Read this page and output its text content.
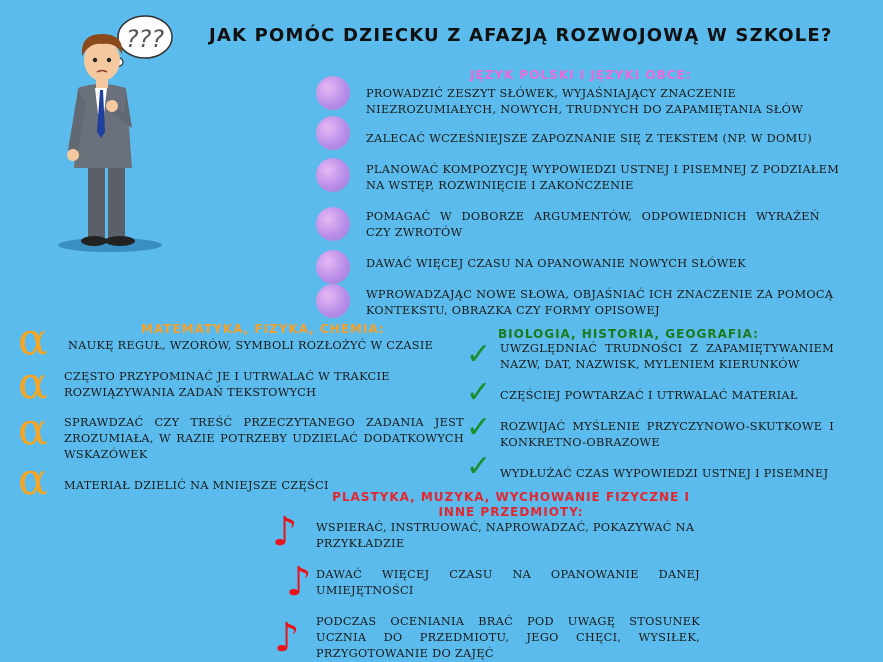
JAK POMÓC DZIECKU Z AFAZJĄ ROZWOJOWĄ W SZKOLE?
???
JĘZYK POLSKI I JĘZYKI OBCE:
PROWADZIĆ ZESZYT SŁÓWEK, WYJAŚNIAJĄCY ZNACZENIE NIEZROZUMIAŁYCH, NOWYCH, TRUDNYCH DO ZAPAMIĘTANIA SŁÓW
ZALECAĆ WCZEŚNIEJSZE ZAPOZNANIE SIĘ Z TEKSTEM (NP. W DOMU)
PLANOWAĆ KOMPOZYCJĘ WYPOWIEDZI USTNEJ I PISEMNEJ Z PODZIAŁEM NA WSTĘP, ROZWINIĘCIE I ZAKOŃCZENIE
POMAGAĆ W DOBORZE ARGUMENTÓW, ODPOWIEDNICH WYRAŻEŃ CZY ZWROTÓW
DAWAĆ WIĘCEJ CZASU NA OPANOWANIE NOWYCH SŁÓWEK
WPROWADZAJĄC NOWE SŁOWA, OBJAŚNIAĆ ICH ZNACZENIE ZA POMOCĄ KONTEKSTU, OBRAZKA CZY FORMY OPISOWEJ
MATEMATYKA, FIZYKA, CHEMIA:
α NAUKĘ REGUŁ, WZORÓW, SYMBOLI ROZŁOŻYĆ W CZASIE
α CZĘSTO PRZYPOMINAĆ JE I UTRWALAĆ W TRAKCIE ROZWIĄZYWANIA ZADAŃ TEKSTOWYCH
α SPRAWDZAĆ CZY TREŚĆ PRZECZYTANEGO ZADANIA JEST ZROZUMIAŁA, W RAZIE POTRZEBY UDZIELAĆ DODATKOWYCH WSKAZÓWEK
α MATERIAŁ DZIELIĆ NA MNIEJSZE CZĘŚCI
BIOLOGIA, HISTORIA, GEOGRAFIA:
✓ UWZGLĘDNIAĆ TRUDNOŚCI Z ZAPAMIĘTYWANIEM NAZW, DAT, NAZWISK, MYLENIEM KIERUNKÓW
✓ CZĘŚCIEJ POWTARZAĆ I UTRWALAĆ MATERIAŁ
✓ ROZWIJAĆ MYŚLENIE PRZYCZYNOWO-SKUTKOWE I KONKRETNO-OBRAZOWE
✓ WYDŁUŻAĆ CZAS WYPOWIEDZI USTNEJ I PISEMNEJ
PLASTYKA, MUZYKA, WYCHOWANIE FIZYCZNE I INNE PRZEDMIOTY:
♪ WSPIERAĆ, INSTRUOWAĆ, NAPROWADZAĆ, POKAZYWAĆ NA PRZYKŁADZIE
♪ DAWAĆ WIĘCEJ CZASU NA OPANOWANIE DANEJ UMIEJĘTNOŚCI
♪ PODCZAS OCENIANIA BRAĆ POD UWAGĘ STOSUNEK UCZNIA DO PRZEDMIOTU, JEGO CHĘCI, WYSIŁEK, PRZYGOTOWANIE DO ZAJĘĆ
